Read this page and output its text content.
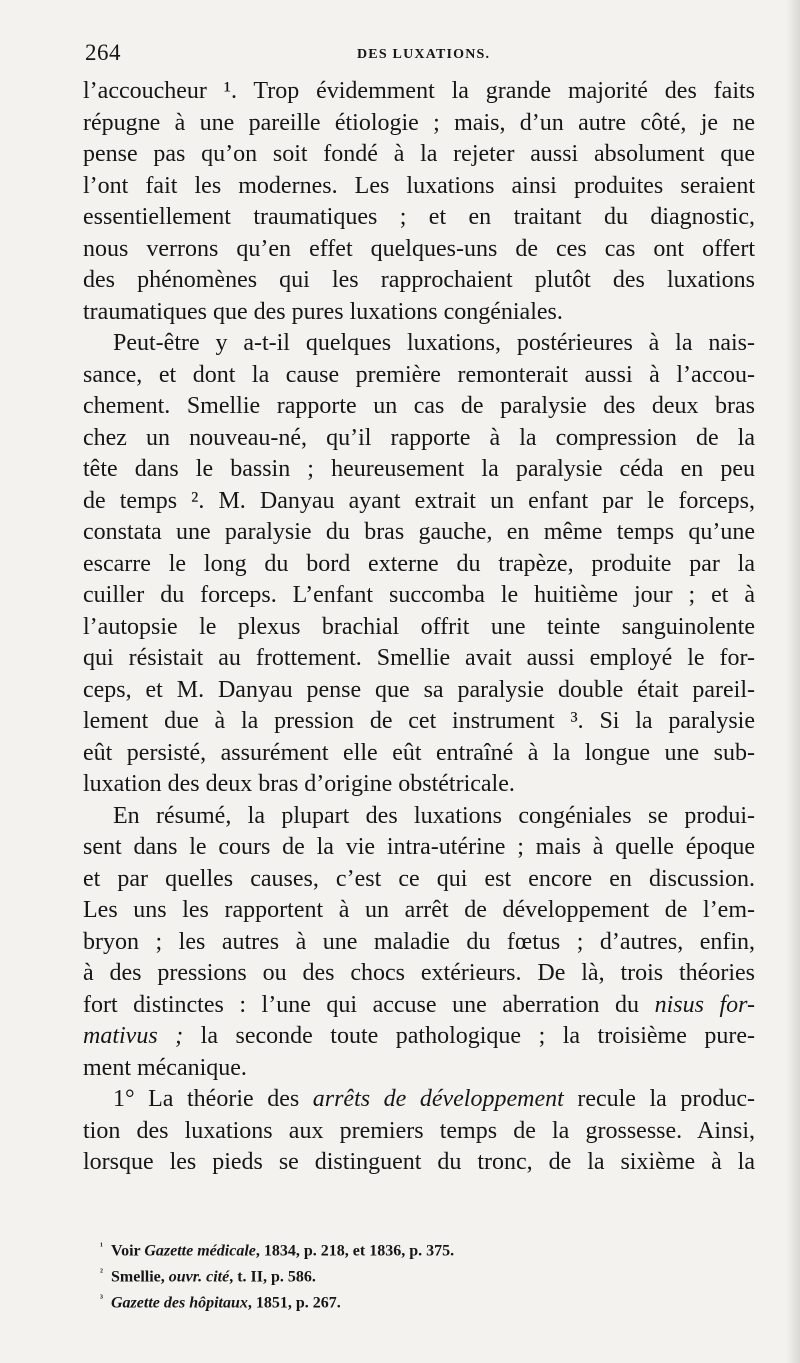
264	DES LUXATIONS.
l’accoucheur ¹. Trop évidemment la grande majorité des faits
répugne à une pareille étiologie ; mais, d’un autre côté, je ne
pense pas qu’on soit fondé à la rejeter aussi absolument que
l’ont fait les modernes. Les luxations ainsi produites seraient
essentiellement traumatiques ; et en traitant du diagnostic,
nous verrons qu’en effet quelques-uns de ces cas ont offert
des phénomènes qui les rapprochaient plutôt des luxations
traumatiques que des pures luxations congéniales.
Peut-être y a-t-il quelques luxations, postérieures à la nais-
sance, et dont la cause première remonterait aussi à l’accou-
chement. Smellie rapporte un cas de paralysie des deux bras
chez un nouveau-né, qu’il rapporte à la compression de la
tête dans le bassin ; heureusement la paralysie céda en peu
de temps ². M. Danyau ayant extrait un enfant par le forceps,
constata une paralysie du bras gauche, en même temps qu’une
escarre le long du bord externe du trapèze, produite par la
cuiller du forceps. L’enfant succomba le huitième jour ; et à
l’autopsie le plexus brachial offrit une teinte sanguinolente
qui résistait au frottement. Smellie avait aussi employé le for-
ceps, et M. Danyau pense que sa paralysie double était pareil-
lement due à la pression de cet instrument ³. Si la paralysie
eût persisté, assurément elle eût entraîné à la longue une sub-
luxation des deux bras d’origine obstétricale.
En résumé, la plupart des luxations congéniales se produi-
sent dans le cours de la vie intra-utérine ; mais à quelle époque
et par quelles causes, c’est ce qui est encore en discussion.
Les uns les rapportent à un arrêt de développement de l’em-
bryon ; les autres à une maladie du fœtus ; d’autres, enfin,
à des pressions ou des chocs extérieurs. De là, trois théories
fort distinctes : l’une qui accuse une aberration du nisus for-
mativus ; la seconde toute pathologique ; la troisième pure-
ment mécanique.
1° La théorie des arrêts de développement recule la produc-
tion des luxations aux premiers temps de la grossesse. Ainsi,
lorsque les pieds se distinguent du tronc, de la sixième à la
$^{^1}$ Voir Gazette médicale, 1834, p. 218, et 1836, p. 375.
$^{^2}$ Smellie, ouvr. cité, t. II, p. 586.
$^{^3}$ Gazette des hôpitaux, 1851, p. 267.
